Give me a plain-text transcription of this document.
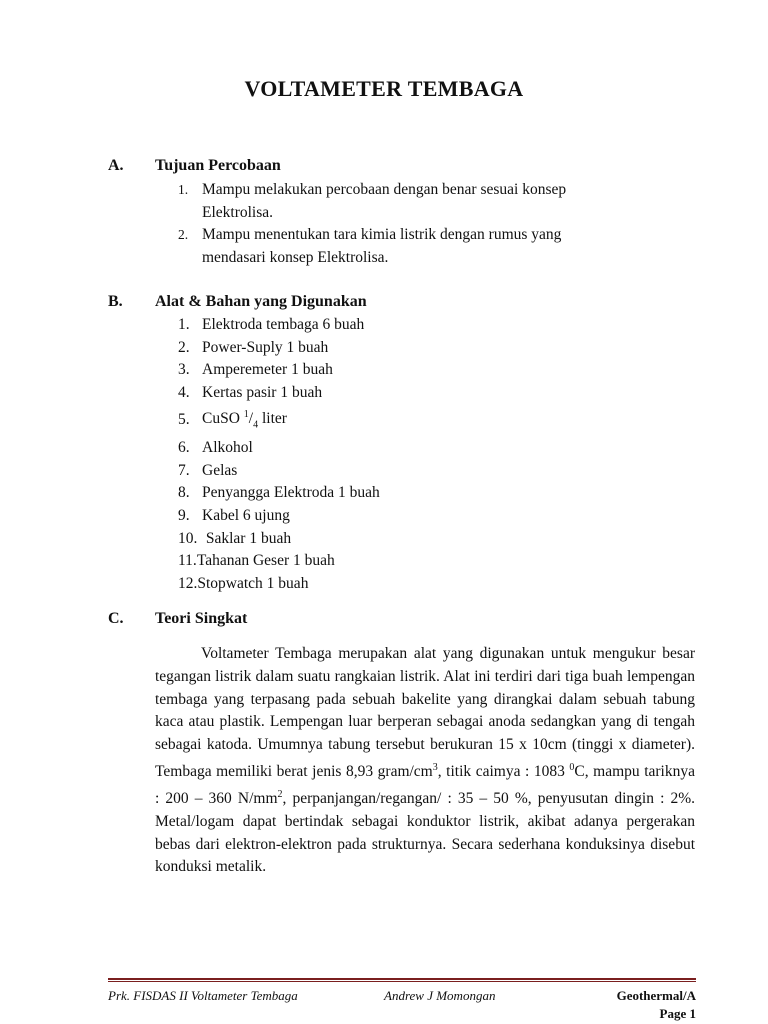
VOLTAMETER TEMBAGA
A. Tujuan Percobaan
1. Mampu melakukan percobaan dengan benar sesuai konsep
Elektrolisa.
2. Mampu menentukan tara kimia listrik dengan rumus yang
mendasari konsep Elektrolisa.
B. Alat & Bahan yang Digunakan
1. Elektroda tembaga 6 buah
2. Power-Suply 1 buah
3. Amperemeter 1 buah
4. Kertas pasir 1 buah
5. CuSO $^1/_4$ liter
6. Alkohol
7. Gelas
8. Penyangga Elektroda 1 buah
9. Kabel 6 ujung
10. Saklar 1 buah
11.Tahanan Geser 1 buah
12.Stopwatch 1 buah
C. Teori Singkat

Voltameter Tembaga merupakan alat yang digunakan untuk mengukur besar tegangan listrik dalam suatu rangkaian listrik. Alat ini terdiri dari tiga buah lempengan tembaga yang terpasang pada sebuah bakelite yang dirangkai dalam sebuah tabung kaca atau plastik. Lempengan luar berperan sebagai anoda sedangkan yang di tengah sebagai katoda. Umumnya tabung tersebut berukuran 15 x 10cm (tinggi x diameter). Tembaga memiliki berat jenis 8,93 gram/$cm^3$, titik caimya : 1083 $^0$C, mampu tariknya : 200 – 360 $N/mm^2$, perpanjangan/regangan/ : 35 – 50 %, penyusutan dingin : 2%. Metal/logam dapat bertindak sebagai konduktor listrik, akibat adanya pergerakan bebas dari elektron-elektron pada strukturnya. Secara sederhana konduksinya disebut konduksi metalik.

Prk. FISDAS II Voltameter Tembaga	Andrew J Momongan	Geothermal/A
Page 1
